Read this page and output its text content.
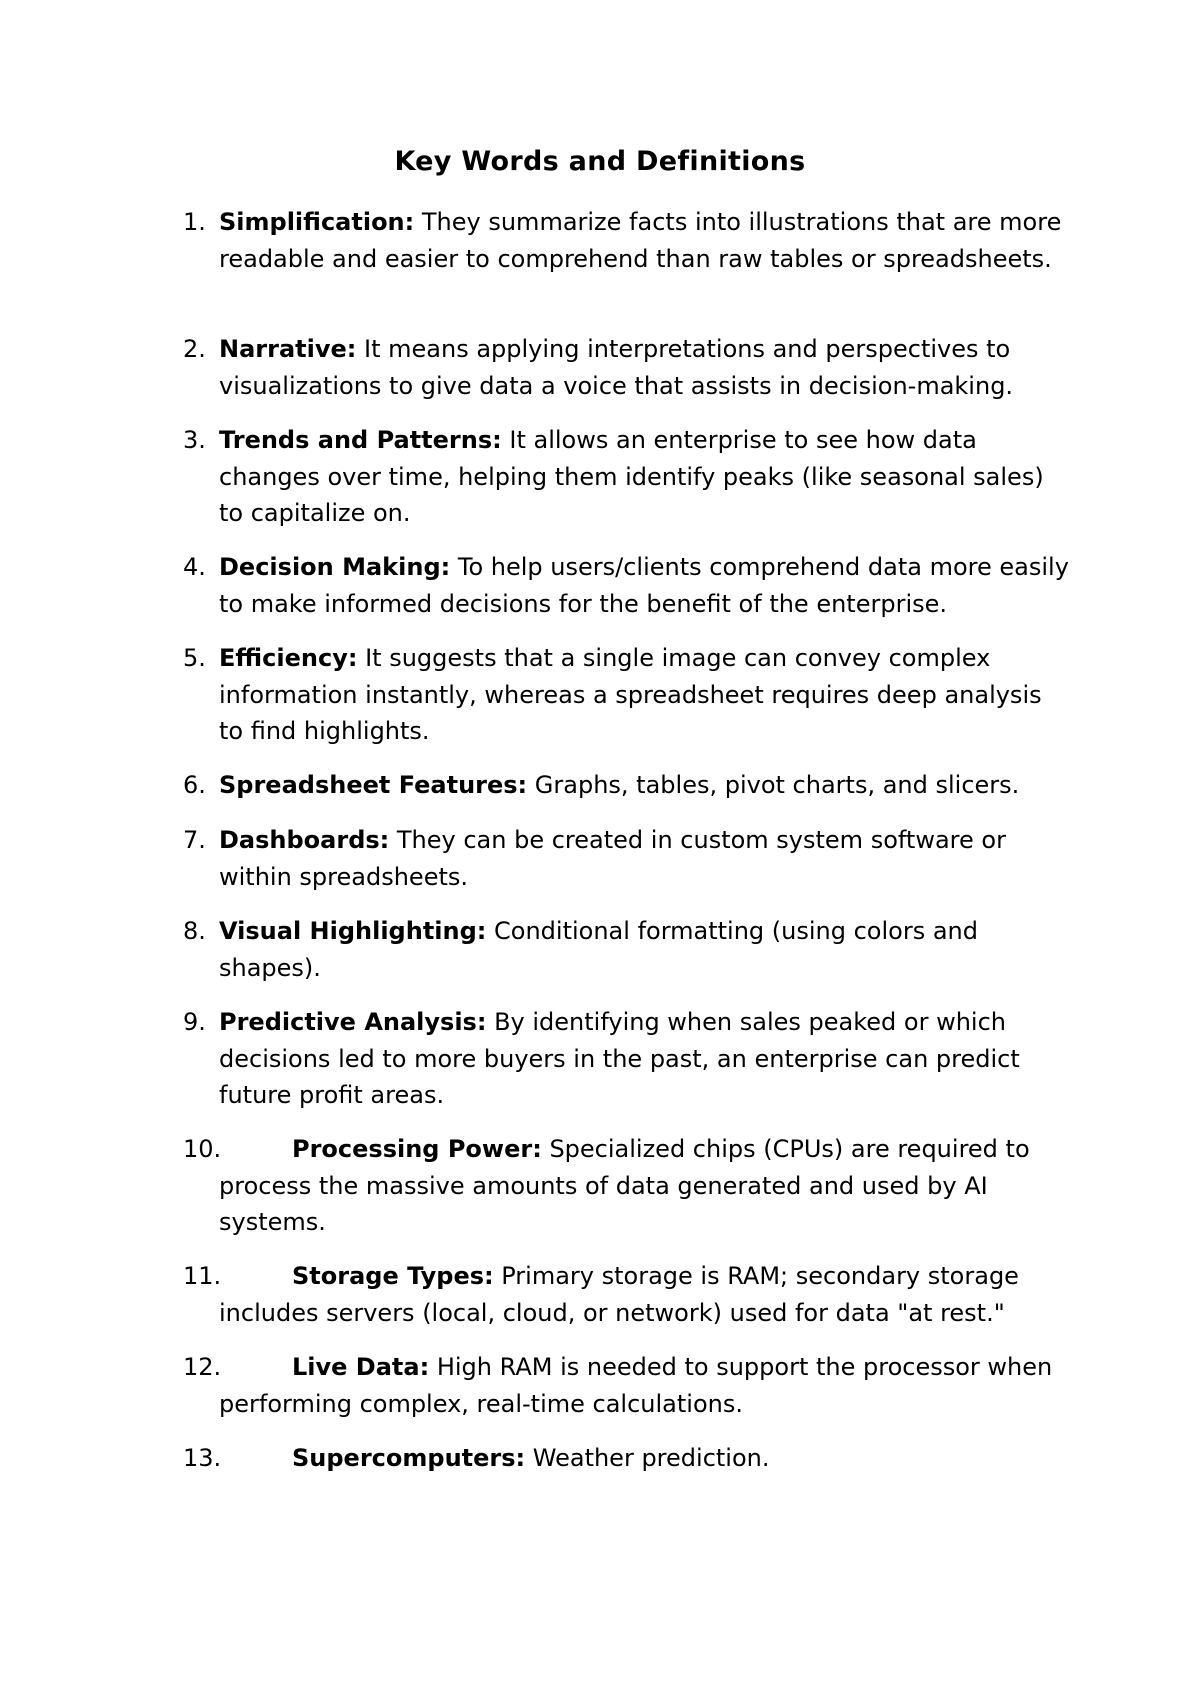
Key Words and Definitions
1. Simplification: They summarize facts into illustrations that are more readable and easier to comprehend than raw tables or spreadsheets.
2. Narrative: It means applying interpretations and perspectives to visualizations to give data a voice that assists in decision-making.
3. Trends and Patterns: It allows an enterprise to see how data changes over time, helping them identify peaks (like seasonal sales) to capitalize on.
4. Decision Making: To help users/clients comprehend data more easily to make informed decisions for the benefit of the enterprise.
5. Efficiency: It suggests that a single image can convey complex information instantly, whereas a spreadsheet requires deep analysis to find highlights.
6. Spreadsheet Features: Graphs, tables, pivot charts, and slicers.
7. Dashboards: They can be created in custom system software or within spreadsheets.
8. Visual Highlighting: Conditional formatting (using colors and shapes).
9. Predictive Analysis: By identifying when sales peaked or which decisions led to more buyers in the past, an enterprise can predict future profit areas.
10.	Processing Power: Specialized chips (CPUs) are required to process the massive amounts of data generated and used by AI systems.
11.	Storage Types: Primary storage is RAM; secondary storage includes servers (local, cloud, or network) used for data "at rest."
12.	Live Data: High RAM is needed to support the processor when performing complex, real-time calculations.
13.	Supercomputers: Weather prediction.
